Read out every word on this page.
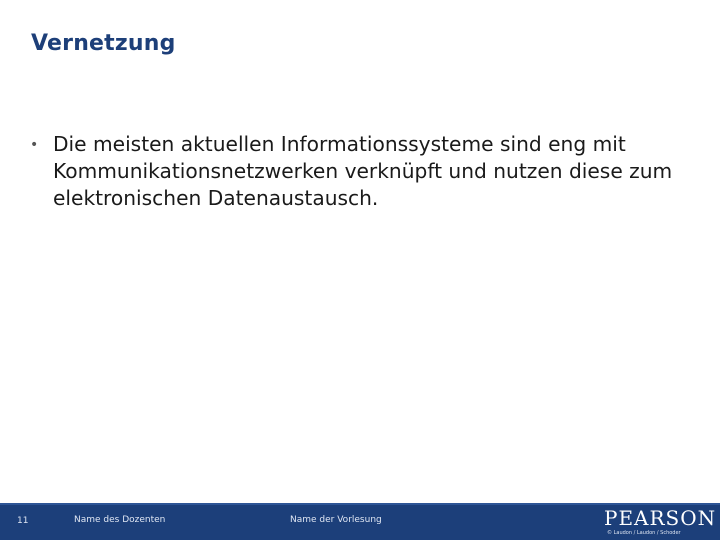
Vernetzung
• Die meisten aktuellen Informationssysteme sind eng mit Kommunikationsnetzwerken verknüpft und nutzen diese zum elektronischen Datenaustausch.
11	Name des Dozenten	Name der Vorlesung	PEARSON
© Laudon / Laudon / Schoder
